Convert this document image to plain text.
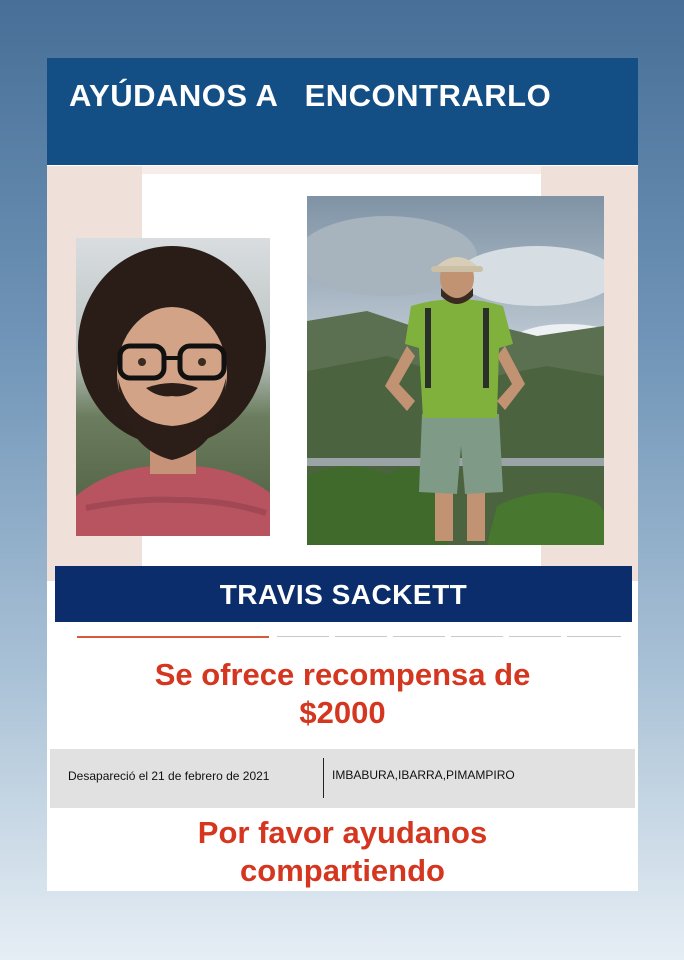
AYÚDANOS A   ENCONTRARLO
TRAVIS SACKETT
Se ofrece recompensa de
$2000
Desapareció el 21 de febrero de 2021	IMBABURA,IBARRA,PIMAMPIRO
Por favor ayudanos
compartiendo
